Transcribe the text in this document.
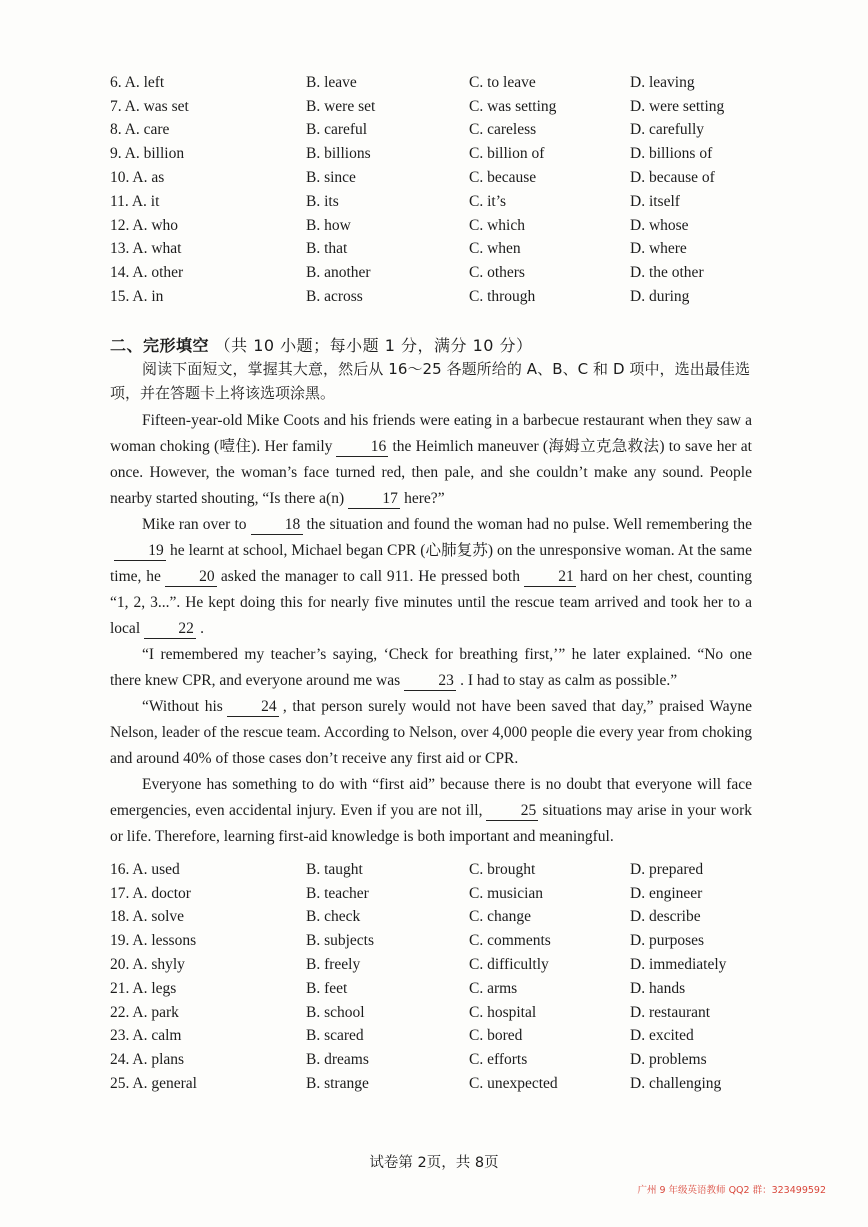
6. A. left	B. leave	C. to leave	D. leaving
7. A. was set	B. were set	C. was setting	D. were setting
8. A. care	B. careful	C. careless	D. carefully
9. A. billion	B. billions	C. billion of	D. billions of
10. A. as	B. since	C. because	D. because of
11. A. it	B. its	C. it’s	D. itself
12. A. who	B. how	C. which	D. whose
13. A. what	B. that	C. when	D. where
14. A. other	B. another	C. others	D. the other
15. A. in	B. across	C. through	D. during
二、完形填空 （共 10 小题；每小题 1 分，满分 10 分）
阅读下面短文，掌握其大意，然后从 16～25 各题所给的 A、B、C 和 D 项中，选出最佳选项，并在答题卡上将该选项涂黑。

Fifteen-year-old Mike Coots and his friends were eating in a barbecue restaurant when they saw a woman choking (噎住). Her family 16 the Heimlich maneuver (海姆立克急救法) to save her at once. However, the woman’s face turned red, then pale, and she couldn’t make any sound. People nearby started shouting, “Is there a(n) 17 here?”

Mike ran over to 18 the situation and found the woman had no pulse. Well remembering the19 he learnt at school, Michael began CPR (心肺复苏) on the unresponsive woman. At the same time, he 20 asked the manager to call 911. He pressed both 21 hard on her chest, counting “1, 2, 3...”. He kept doing this for nearly five minutes until the rescue team arrived and took her to a local 22 .

“I remembered my teacher’s saying, ‘Check for breathing first,’” he later explained. “No one there knew CPR, and everyone around me was 23 . I had to stay as calm as possible.”

“Without his 24 , that person surely would not have been saved that day,” praised Wayne Nelson, leader of the rescue team. According to Nelson, over 4,000 people die every year from choking and around 40% of those cases don’t receive any first aid or CPR.

Everyone has something to do with “first aid” because there is no doubt that everyone will face emergencies, even accidental injury. Even if you are not ill, 25 situations may arise in your work or life. Therefore, learning first-aid knowledge is both important and meaningful.

16. A. used	B. taught	C. brought	D. prepared
17. A. doctor	B. teacher	C. musician	D. engineer
18. A. solve	B. check	C. change	D. describe
19. A. lessons	B. subjects	C. comments	D. purposes
20. A. shyly	B. freely	C. difficultly	D. immediately
21. A. legs	B. feet	C. arms	D. hands
22. A. park	B. school	C. hospital	D. restaurant
23. A. calm	B. scared	C. bored	D. excited
24. A. plans	B. dreams	C. efforts	D. problems
25. A. general	B. strange	C. unexpected	D. challenging
试卷第 2页，共 8页
广州 9 年级英语教师 QQ2 群：323499592
